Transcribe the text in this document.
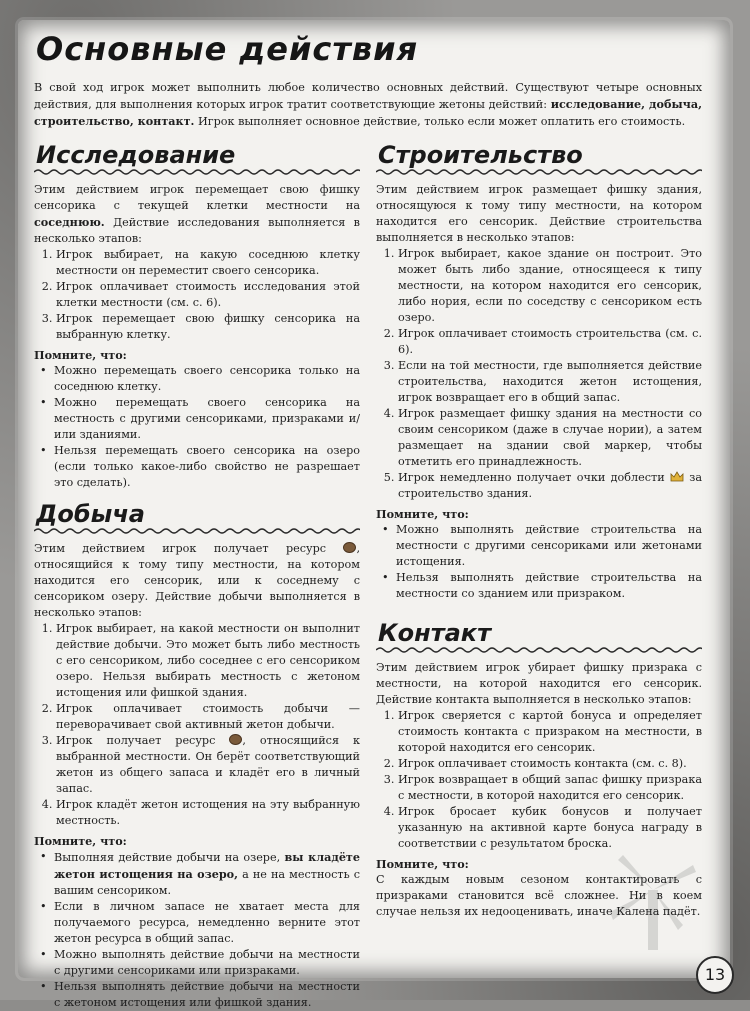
Основные действия

В свой ход игрок может выполнить любое количество основных действий. Существуют четыре основных действия, для выполнения которых игрок тратит соответствующие жетоны действий: исследование, добыча, строительство, контакт. Игрок выполняет основное действие, только если может оплатить его стоимость.

Исследование

Этим действием игрок перемещает свою фишку сенсорика с текущей клетки местности на соседнюю. Действие исследования выполняется в несколько этапов:

1. Игрок выбирает, на какую соседнюю клетку местности он переместит своего сенсорика.
2. Игрок оплачивает стоимость исследования этой клетки местности (см. с. 6).
3. Игрок перемещает свою фишку сенсорика на выбранную клетку.

Помните, что:

• Можно перемещать своего сенсорика только на соседнюю клетку.
• Можно перемещать своего сенсорика на местность с другими сенсориками, призраками и/или зданиями.
• Нельзя перемещать своего сенсорика на озеро (если только какое-либо свойство не разрешает это сделать).
Добыча

Этим действием игрок получает ресурс	, относящийся к тому типу местности, на котором находится его сенсорик, или к соседнему с сенсориком озеру. Действие добычи выполняется в несколько этапов:

1. Игрок выбирает, на какой местности он выполнит действие добычи. Это может быть либо местность с его сенсориком, либо соседнее с его сенсориком озеро. Нельзя выбирать местность с жетоном истощения или фишкой здания.
2. Игрок оплачивает стоимость добычи — переворачивает свой активный жетон добычи.
3. Игрок получает ресурс , относящийся к выбранной местности. Он берёт соответствующий жетон из общего запаса и кладёт его в личный запас.
4. Игрок кладёт жетон истощения на эту выбранную местность.

Помните, что:

• Выполняя действие добычи на озере, вы кладёте жетон истощения на озеро, а не на местность с вашим сенсориком.
• Если в личном запасе не хватает места для получаемого ресурса, немедленно верните этот жетон ресурса в общий запас.
• Можно выполнять действие добычи на местности с другими сенсориками или призраками.
• Нельзя выполнять действие добычи на местности с жетоном истощения или фишкой здания.
Строительство

Этим действием игрок размещает фишку здания, относящуюся к тому типу местности, на котором находится его сенсорик. Действие строительства выполняется в несколько этапов:

1. Игрок выбирает, какое здание он построит. Это может быть либо здание, относящееся к типу местности, на котором находится его сенсорик, либо нория, если по соседству с сенсориком есть озеро.
2. Игрок оплачивает стоимость строительства (см. с. 6).
3. Если на той местности, где выполняется действие строительства, находится жетон истощения, игрок возвращает его в общий запас.
4. Игрок размещает фишку здания на местности со своим сенсориком (даже в случае нории), а затем размещает на здании свой маркер, чтобы отметить его принадлежность.
5. Игрок немедленно получает очки доблести  за строительство здания.

Помните, что:

• Можно выполнять действие строительства на местности с другими сенсориками или жетонами истощения.
• Нельзя выполнять действие строительства на местности со зданием или призраком.
Контакт

Этим действием игрок убирает фишку призрака с местности, на которой находится его сенсорик. Действие контакта выполняется в несколько этапов:

1. Игрок сверяется с картой бонуса и определяет стоимость контакта с призраком на местности, в которой находится его сенсорик.
2. Игрок оплачивает стоимость контакта (см. с. 8).
3. Игрок возвращает в общий запас фишку призрака с местности, в которой находится его сенсорик.
4. Игрок бросает кубик бонусов и получает указанную на активной карте бонуса награду в соответствии с результатом броска.

Помните, что:

С каждым новым сезоном контактировать с призраками становится всё сложнее. Ни в коем случае нельзя их недооценивать, иначе Калена падёт.

13
